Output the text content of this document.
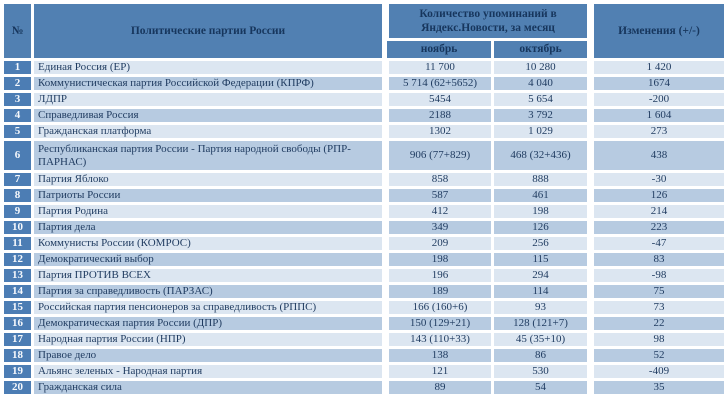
№	Политические партии России	Количество упоминаний в Яндекс.Новости, за месяц		Изменения (+/-)
		ноябрь	октябрь	
1	Единая Россия (ЕР)	11 700	10 280	1 420
2	Коммунистическая партия Российской Федерации (КПРФ)	5 714 (62+5652)	4 040	1674
3	ЛДПР	5454	5 654	-200
4	Справедливая Россия	2188	3 792	1 604
5	Гражданская платформа	1302	1 029	273
6	Республиканская партия России - Партия народной свободы (РПР-ПАРНАС)	906 (77+829)	468 (32+436)	438
7	Партия Яблоко	858	888	-30
8	Патриоты России	587	461	126
9	Партия Родина	412	198	214
10	Партия дела	349	126	223
11	Коммунисты России (КОМРОС)	209	256	-47
12	Демократический выбор	198	115	83
13	Партия ПРОТИВ ВСЕХ	196	294	-98
14	Партия за справедливость (ПАРЗАС)	189	114	75
15	Российская партия пенсионеров за справедливость (РППС)	166 (160+6)	93	73
16	Демократическая партия России (ДПР)	150 (129+21)	128 (121+7)	22
17	Народная партия России (НПР)	143 (110+33)	45 (35+10)	98
18	Правое дело	138	86	52
19	Альянс зеленых - Народная партия	121	530	-409
20	Гражданская сила	89	54	35
